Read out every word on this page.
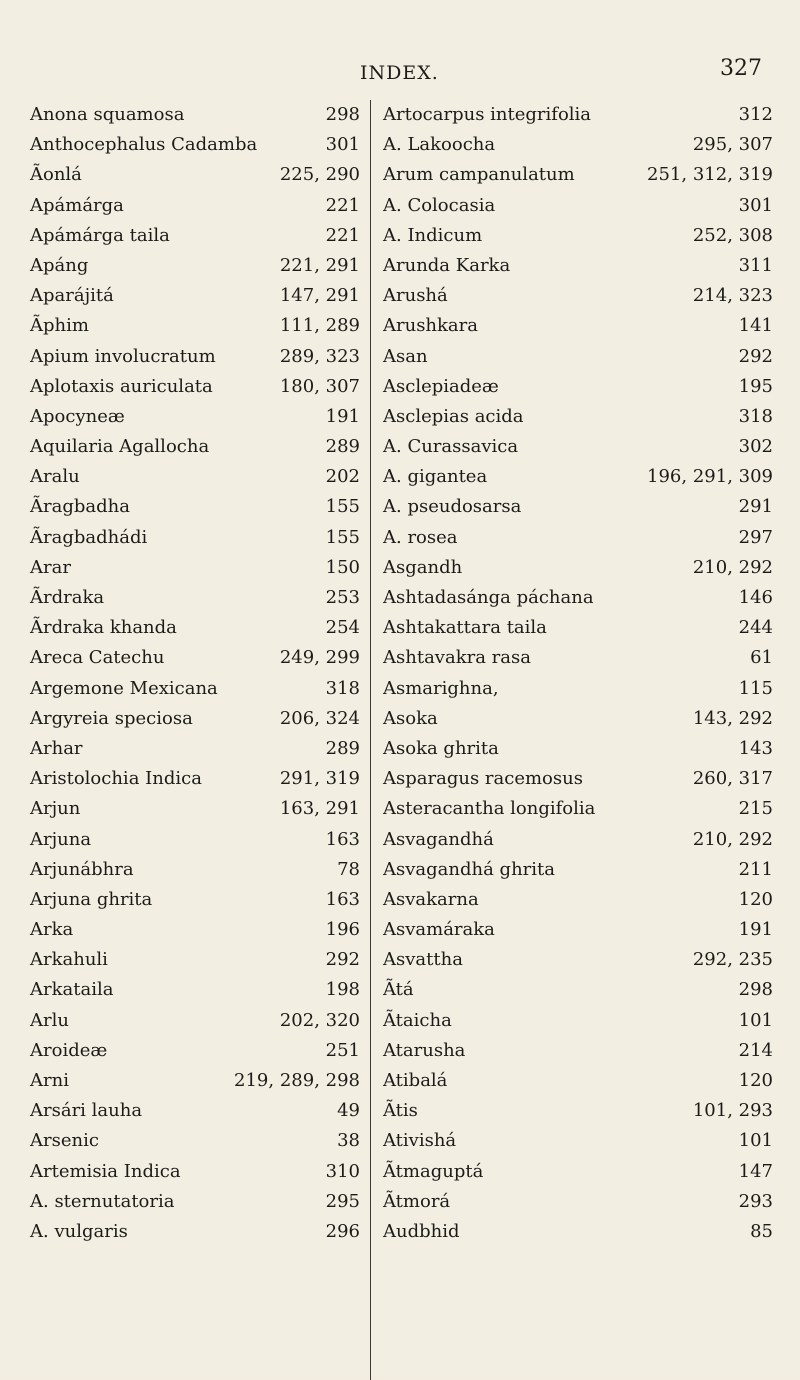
INDEX.	327
Anona squamosa	298
Anthocephalus Cadamba	301
Ãonlá	225, 290
Apámárga	221
Apámárga taila	221
Apáng	221, 291
Aparájitá	147, 291
Ãphim	111, 289
Apium involucratum	289, 323
Aplotaxis auriculata	180, 307
Apocyneæ	191
Aquilaria Agallocha	289
Aralu	202
Ãragbadha	155
Ãragbadhádi	155
Arar	150
Ãrdraka	253
Ãrdraka khanda	254
Areca Catechu	249, 299
Argemone Mexicana	318
Argyreia speciosa	206, 324
Arhar	289
Aristolochia Indica	291, 319
Arjun	163, 291
Arjuna	163
Arjunábhra	78
Arjuna ghrita	163
Arka	196
Arkahuli	292
Arkataila	198
Arlu	202, 320
Aroideæ	251
Arni	219, 289, 298
Arsári lauha	49
Arsenic	38
Artemisia Indica	310
A. sternutatoria	295
A. vulgaris	296
Artocarpus integrifolia	312
A. Lakoocha	295, 307
Arum campanulatum	251, 312, 319
A. Colocasia	301
A. Indicum	252, 308
Arunda Karka	311
Arushá	214, 323
Arushkara	141
Asan	292
Asclepiadeæ	195
Asclepias acida	318
A. Curassavica	302
A. gigantea	196, 291, 309
A. pseudosarsa	291
A. rosea	297
Asgandh	210, 292
Ashtadasánga páchana	146
Ashtakattara taila	244
Ashtavakra rasa	61
Asmarighna,	115
Asoka	143, 292
Asoka ghrita	143
Asparagus racemosus	260, 317
Asteracantha longifolia	215
Asvagandhá	210, 292
Asvagandhá ghrita	211
Asvakarna	120
Asvamáraka	191
Asvattha	292, 235
Ãtá	298
Ãtaicha	101
Atarusha	214
Atibalá	120
Ãtis	101, 293
Ativishá	101
Ãtmaguptá	147
Ãtmorá	293
Audbhid	85
